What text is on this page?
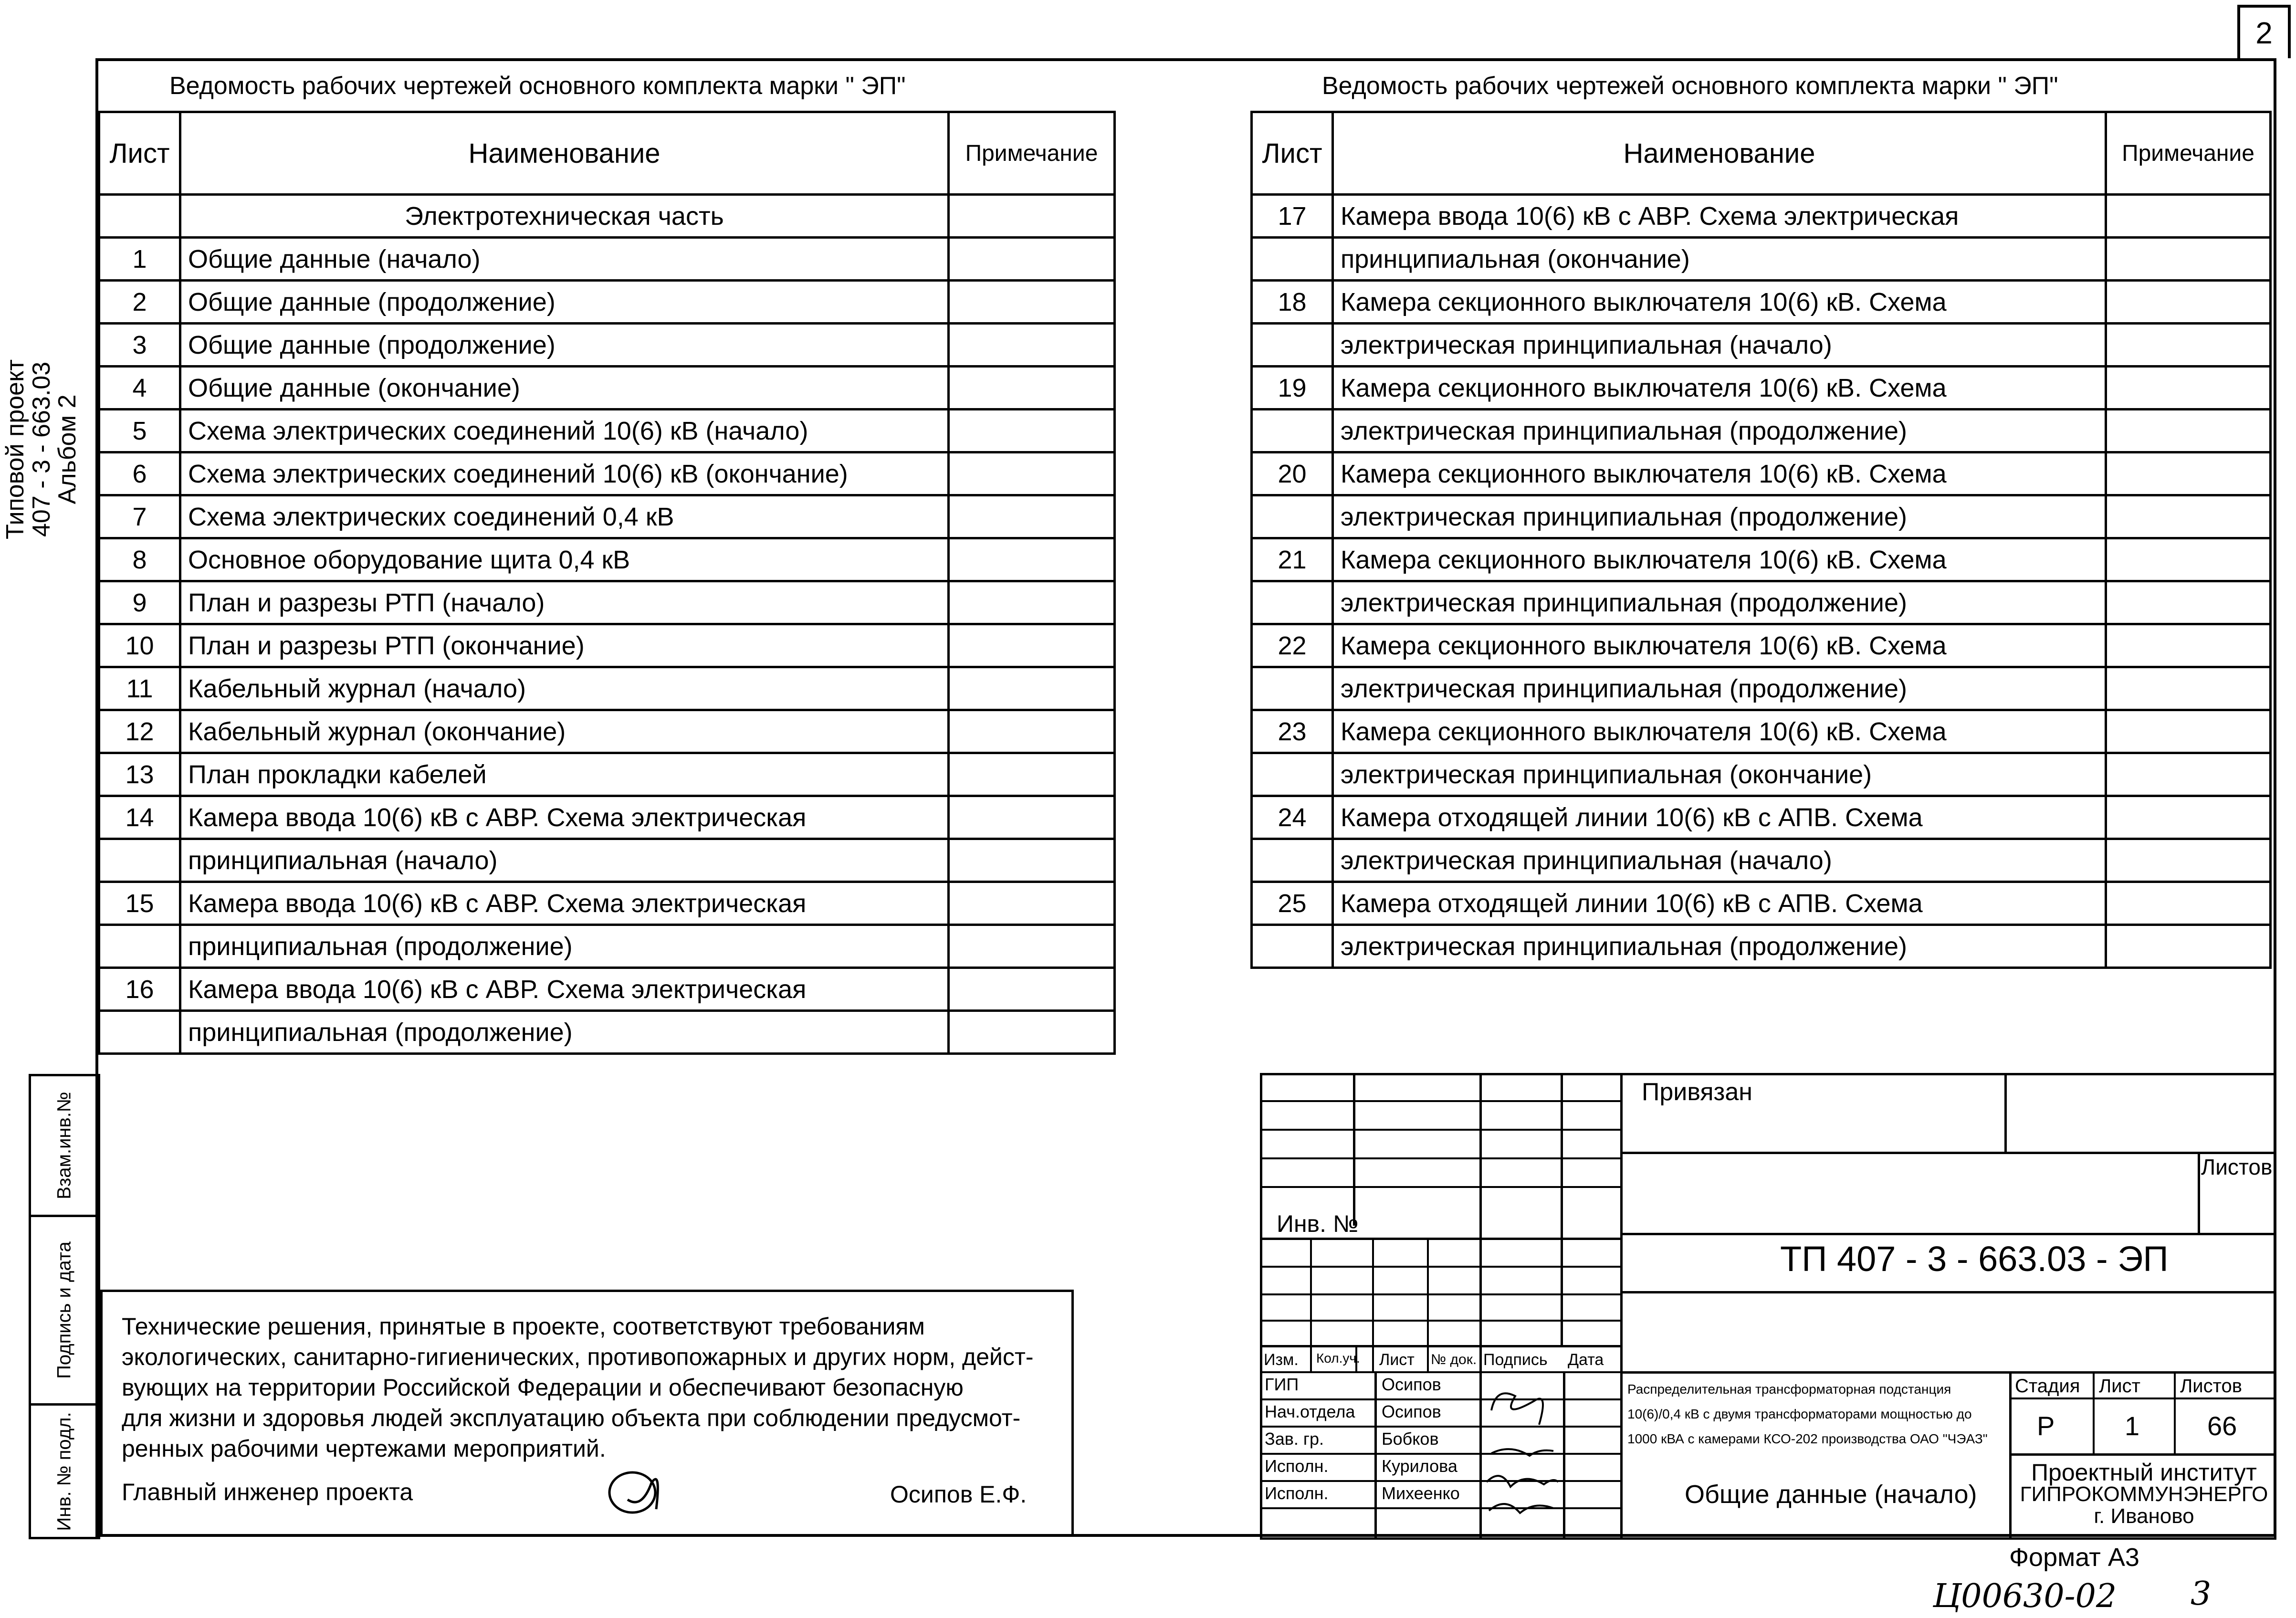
2
Типовой проект
407 - 3 - 663.03
Альбом 2
Взам.инв.№
Подпись и дата
Инв. № подл.
Ведомость рабочих чертежей основного комплекта марки " ЭП"
Лист	Наименование	Примечание
	Электротехническая часть	
1	Общие данные (начало)	
2	Общие данные (продолжение)	
3	Общие данные (продолжение)	
4	Общие данные (окончание)	
5	Схема электрических соединений 10(6) кВ (начало)	
6	Схема электрических соединений 10(6) кВ (окончание)	
7	Схема электрических соединений 0,4 кВ	
8	Основное оборудование щита 0,4 кВ	
9	План и разрезы РТП (начало)	
10	План и разрезы РТП (окончание)	
11	Кабельный журнал (начало)	
12	Кабельный журнал (окончание)	
13	План прокладки кабелей	
14	Камера ввода 10(6) кВ с АВР. Схема электрическая	
	принципиальная (начало)	
15	Камера ввода 10(6) кВ с АВР. Схема электрическая	
	принципиальная (продолжение)	
16	Камера ввода 10(6) кВ с АВР. Схема электрическая	
	принципиальная (продолжение)	
Ведомость рабочих чертежей основного комплекта марки " ЭП"
Лист	Наименование	Примечание
17	Камера ввода 10(6) кВ с АВР. Схема электрическая	
	принципиальная (окончание)	
18	Камера секционного выключателя 10(6) кВ. Схема	
	электрическая принципиальная (начало)	
19	Камера секционного выключателя 10(6) кВ. Схема	
	электрическая принципиальная (продолжение)	
20	Камера секционного выключателя 10(6) кВ. Схема	
	электрическая принципиальная (продолжение)	
21	Камера секционного выключателя 10(6) кВ. Схема	
	электрическая принципиальная (продолжение)	
22	Камера секционного выключателя 10(6) кВ. Схема	
	электрическая принципиальная (продолжение)	
23	Камера секционного выключателя 10(6) кВ. Схема	
	электрическая принципиальная (окончание)	
24	Камера отходящей линии 10(6) кВ с АПВ. Схема	
	электрическая принципиальная (начало)	
25	Камера отходящей линии 10(6) кВ с АПВ. Схема	
	электрическая принципиальная (продолжение)	
Технические решения, принятые в проекте, соответствуют требованиям
экологических, санитарно-гигиенических, противопожарных и других норм, дейст-
вующих на территории Российской Федерации и обеспечивают безопасную
для жизни и здоровья людей эксплуатацию объекта при соблюдении предусмот-
ренных рабочими чертежами мероприятий.
Главный инженер проекта	Осипов Е.Ф.
Привязан
Листов
Инв. №
ТП 407 - 3 - 663.03 - ЭП
Изм. Кол.уч. Лист № док. Подпись Дата
ГИП	Осипов
Нач.отдела Осипов
Зав. гр.	Бобков
Исполн.	Курилова
Исполн.	Михеенко
Распределительная трансформаторная подстанция
10(6)/0,4 кВ с двумя трансформаторами мощностью до
1000 кВА с камерами КСО-202 производства ОАО "ЧЭАЗ"
Стадия Лист Листов
Р	1	66
Общие данные (начало)
Проектный институт
ГИПРОКОММУНЭНЕРГО
г. Иваново
Формат А3
Ц00630-02 3
